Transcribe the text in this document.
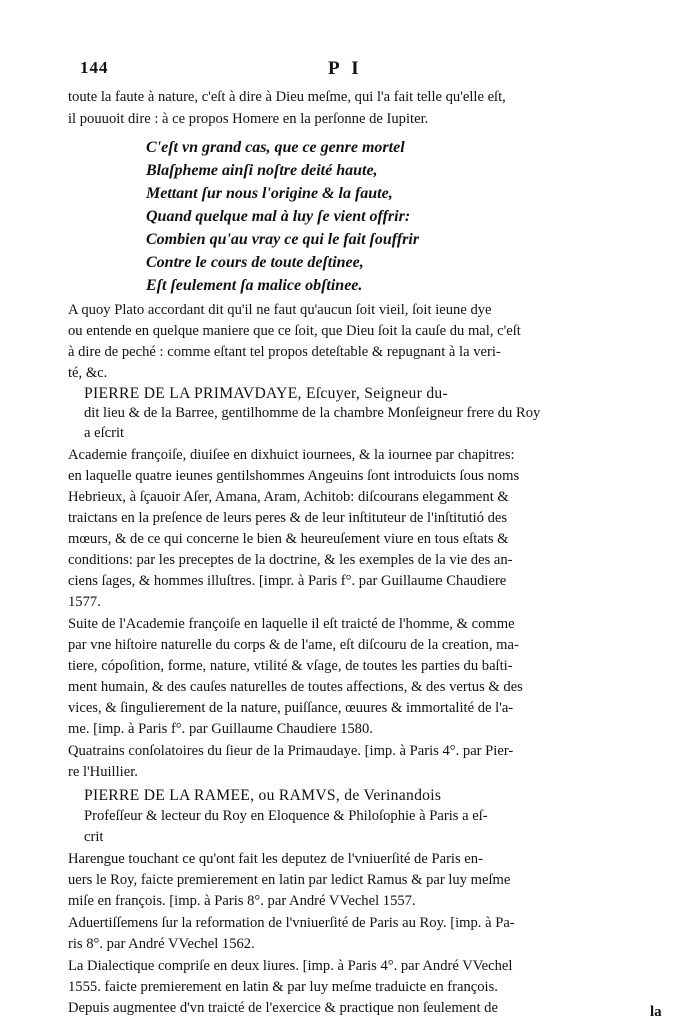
144	P I
toute la faute à nature, c'eſt à dire à Dieu meſme, qui l'a fait telle qu'elle eſt,
il pouuoit dire : à ce propos Homere en la perſonne de Iupiter.
C'eſt vn grand cas, que ce genre mortel
Blaſpheme ainſi noſtre deité haute,
Mettant ſur nous l'origine & la faute,
Quand quelque mal à luy ſe vient offrir:
Combien qu'au vray ce qui le fait ſouffrir
Contre le cours de toute deſtinee,
Eſt ſeulement ſa malice obſtinee.
A quoy Plato accordant dit qu'il ne faut qu'aucun ſoit vieil, ſoit ieune dye
ou entende en quelque maniere que ce ſoit, que Dieu ſoit la cauſe du mal, c'eſt
à dire de peché : comme eſtant tel propos deteſtable & repugnant à la veri-
té, &c.
PIERRE DE LA PRIMAVDAYE, Eſcuyer, Seigneur du-
dit lieu & de la Barree, gentilhomme de la chambre Monſeigneur frere du Roy
a eſcrit
Academie françoiſe, diuiſee en dixhuict iournees, & la iournee par chapitres:
en laquelle quatre ieunes gentilshommes Angeuins ſont introduicts ſous noms
Hebrieux, à ſçauoir Aſer, Amana, Aram, Achitob: diſcourans elegamment &
traictans en la preſence de leurs peres & de leur inſtituteur de l'inſtitutió des
mœurs, & de ce qui concerne le bien & heureuſement viure en tous eſtats &
conditions: par les preceptes de la doctrine, & les exemples de la vie des an-
ciens ſages, & hommes illuſtres. [impr. à Paris f°. par Guillaume Chaudiere
1577.
Suite de l'Academie françoiſe en laquelle il eſt traicté de l'homme, & comme
par vne hiſtoire naturelle du corps & de l'ame, eſt diſcouru de la creation, ma-
tiere, cópoſition, forme, nature, vtilité & vſage, de toutes les parties du baſti-
ment humain, & des cauſes naturelles de toutes affections, & des vertus & des
vices, & ſingulierement de la nature, puiſſance, œuures & immortalité de l'a-
me. [imp. à Paris f°. par Guillaume Chaudiere 1580.
Quatrains conſolatoires du ſieur de la Primaudaye. [imp. à Paris 4°. par Pier-
re l'Huillier.
PIERRE DE LA RAMEE, ou RAMVS, de Verinandois
Profeſſeur & lecteur du Roy en Eloquence & Philoſophie à Paris a eſ-
crit
Harengue touchant ce qu'ont fait les deputez de l'vniuerſité de Paris en-
uers le Roy, faicte premierement en latin par ledict Ramus & par luy meſme
miſe en françois. [imp. à Paris 8°. par André VVechel 1557.
Aduertiſſemens ſur la reformation de l'vniuerſité de Paris au Roy. [imp. à Pa-
ris 8°. par André VVechel 1562.
La Dialectique compriſe en deux liures. [imp. à Paris 4°. par André VVechel
1555. faicte premierement en latin & par luy meſme traduicte en françois.
Depuis augmentee d'vn traicté de l'exercice & practique non ſeulement de	la
